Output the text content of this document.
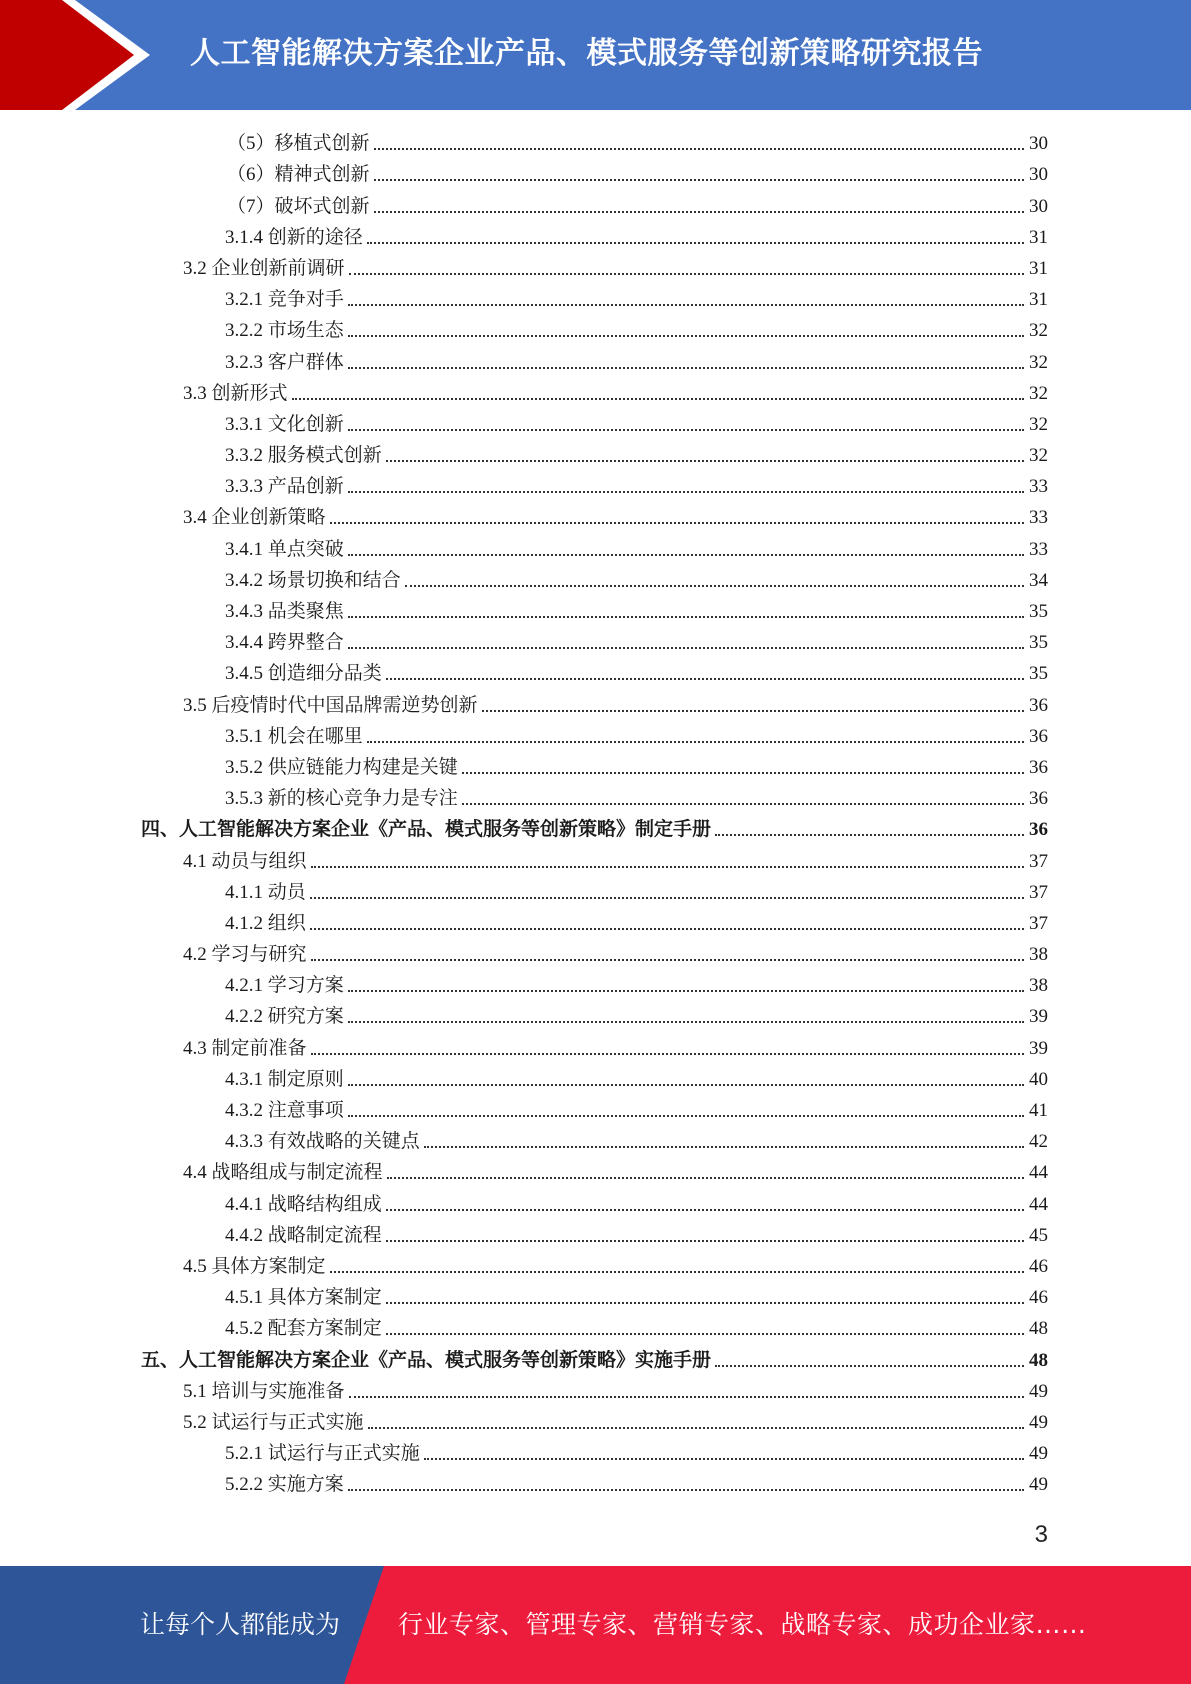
人工智能解决方案企业产品、模式服务等创新策略研究报告
（5）移植式创新	30
（6）精神式创新	30
（7）破坏式创新	30
3.1.4 创新的途径	31
3.2 企业创新前调研	31
3.2.1 竞争对手	31
3.2.2 市场生态	32
3.2.3 客户群体	32
3.3 创新形式	32
3.3.1 文化创新	32
3.3.2 服务模式创新	32
3.3.3 产品创新	33
3.4 企业创新策略	33
3.4.1 单点突破	33
3.4.2 场景切换和结合	34
3.4.3 品类聚焦	35
3.4.4 跨界整合	35
3.4.5 创造细分品类	35
3.5 后疫情时代中国品牌需逆势创新	36
3.5.1 机会在哪里	36
3.5.2 供应链能力构建是关键	36
3.5.3 新的核心竞争力是专注	36
四、人工智能解决方案企业《产品、模式服务等创新策略》制定手册	36
4.1 动员与组织	37
4.1.1 动员	37
4.1.2 组织	37
4.2 学习与研究	38
4.2.1 学习方案	38
4.2.2 研究方案	39
4.3 制定前准备	39
4.3.1 制定原则	40
4.3.2 注意事项	41
4.3.3 有效战略的关键点	42
4.4 战略组成与制定流程	44
4.4.1 战略结构组成	44
4.4.2 战略制定流程	45
4.5 具体方案制定	46
4.5.1 具体方案制定	46
4.5.2 配套方案制定	48
五、人工智能解决方案企业《产品、模式服务等创新策略》实施手册	48
5.1 培训与实施准备	49
5.2 试运行与正式实施	49
5.2.1 试运行与正式实施	49
5.2.2 实施方案	49
3
让每个人都能成为 行业专家、管理专家、营销专家、战略专家、成功企业家……
